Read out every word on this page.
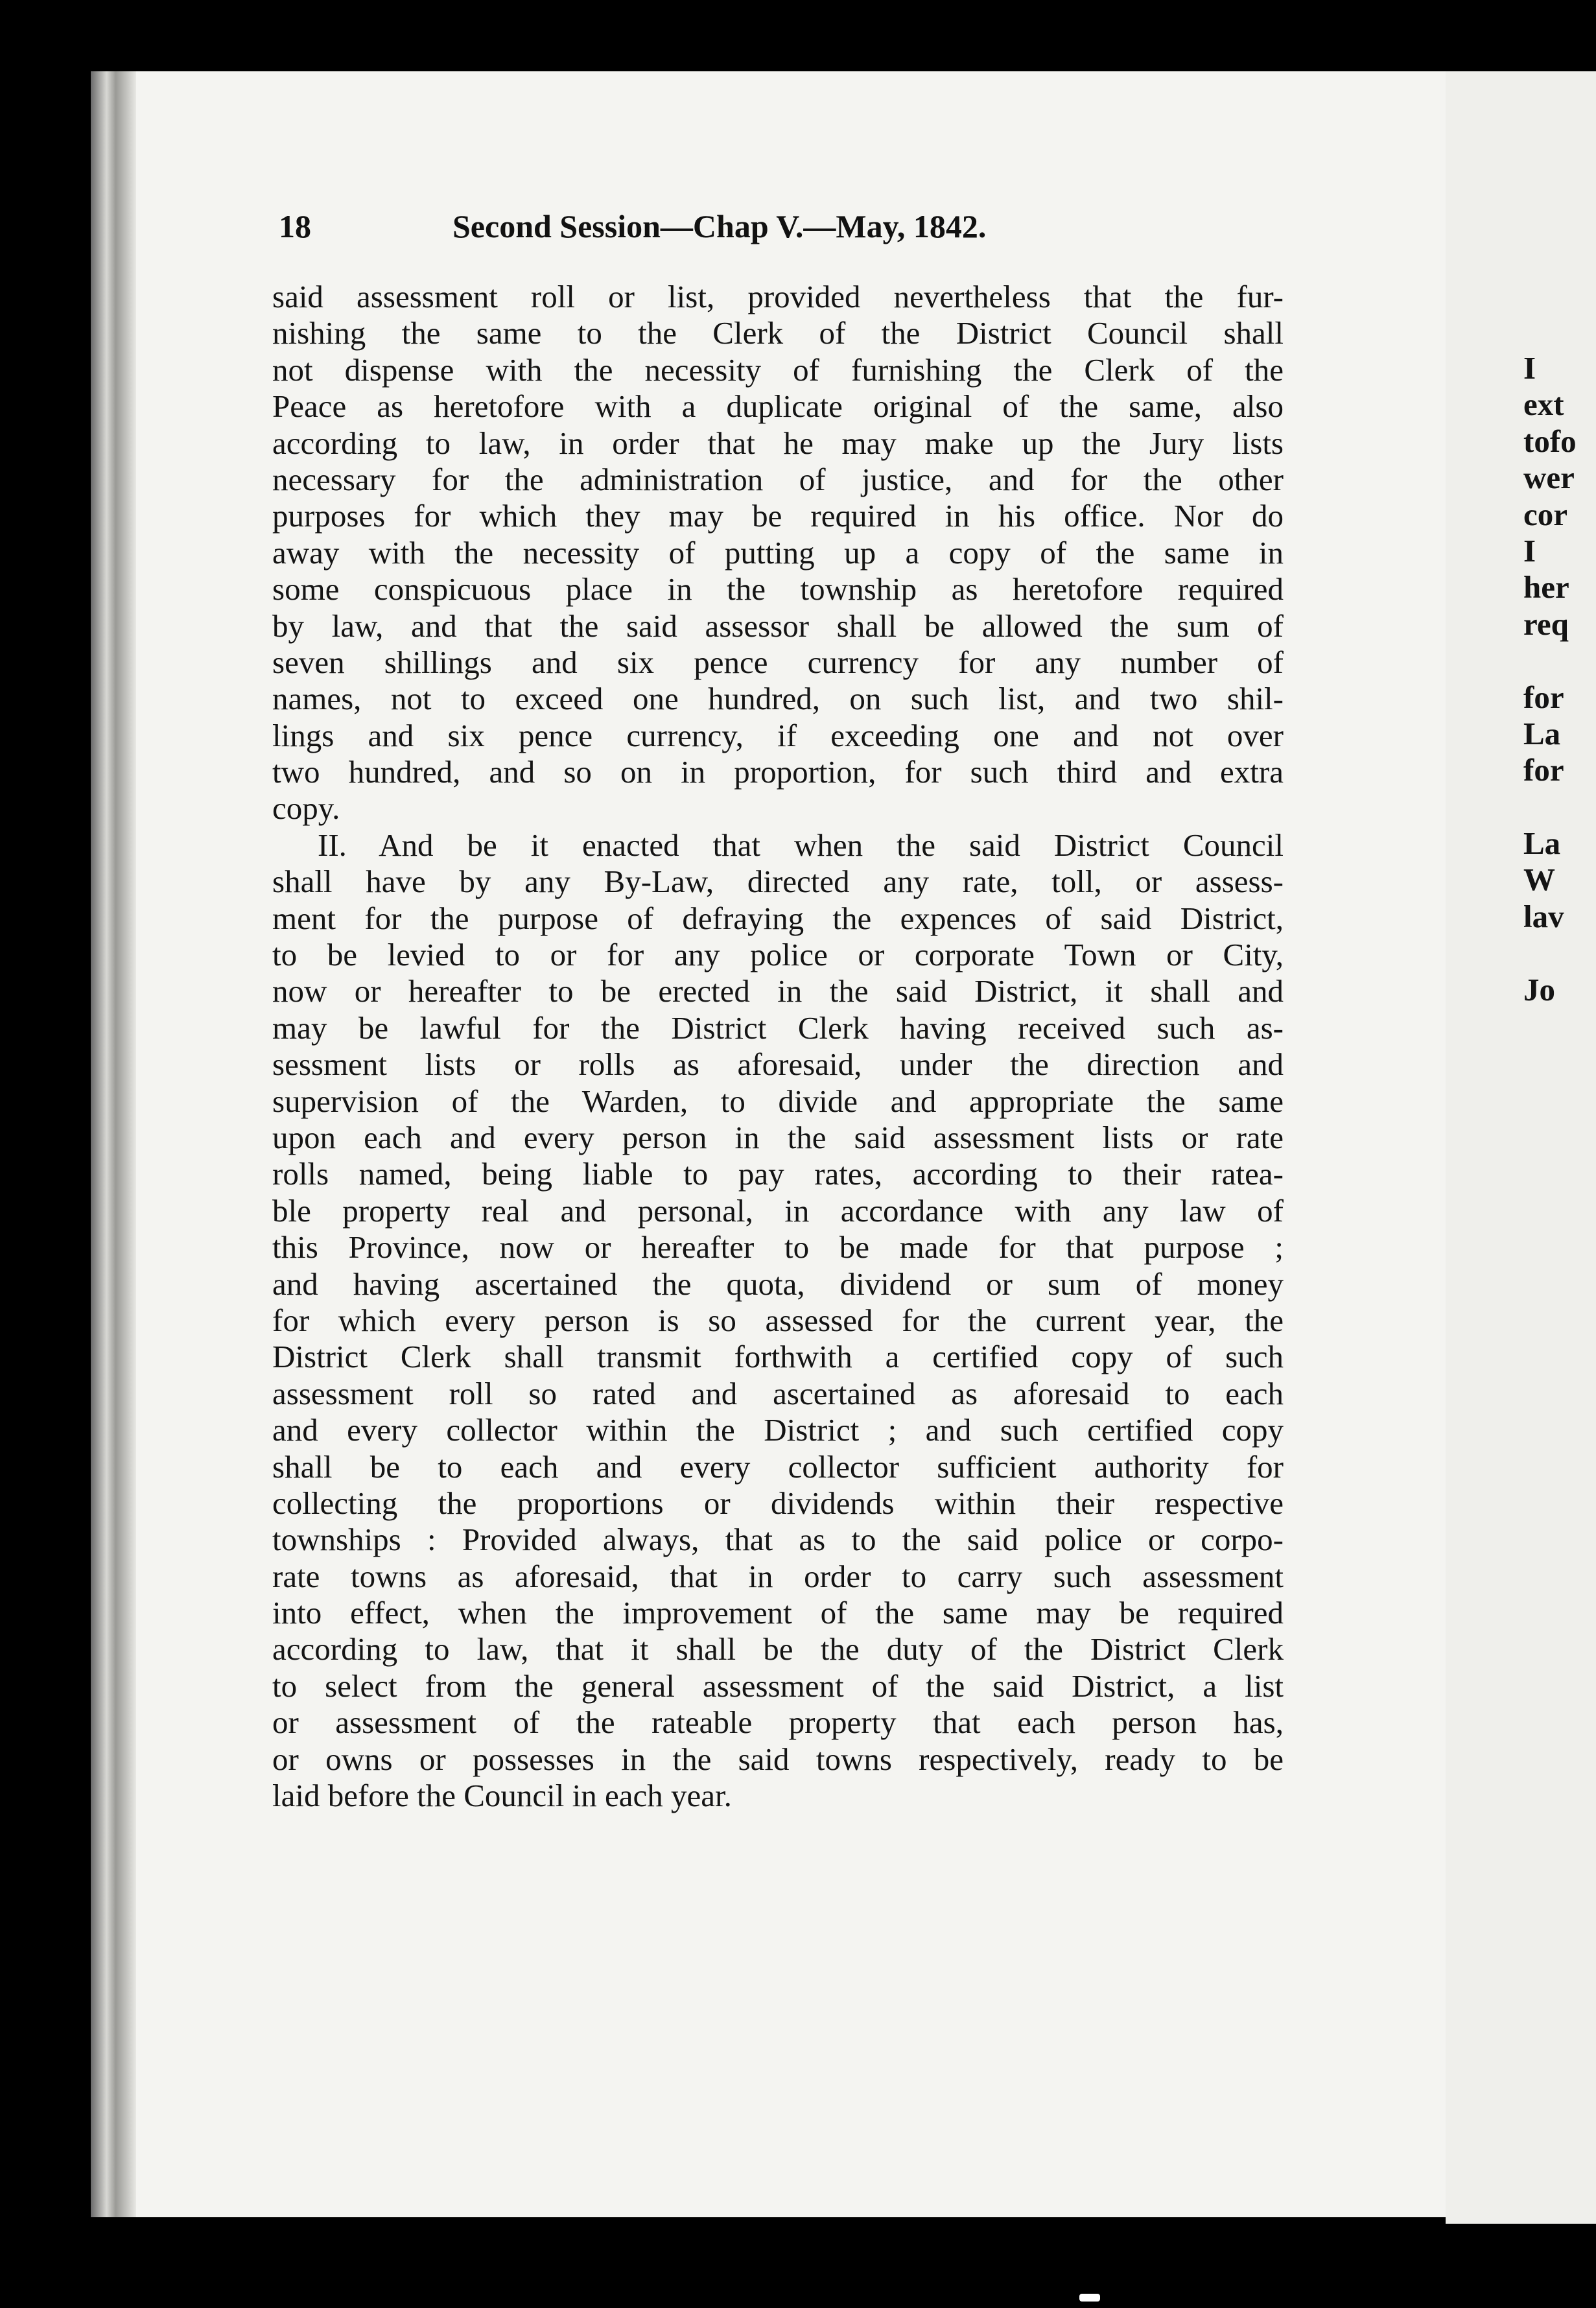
18	Second Session—Chap V.—May, 1842.
said assessment roll or list, provided nevertheless that the fur-
nishing the same to the Clerk of the District Council shall
not dispense with the necessity of furnishing the Clerk of the
Peace as heretofore with a duplicate original of the same, also
according to law, in order that he may make up the Jury lists
necessary for the administration of justice, and for the other
purposes for which they may be required in his office. Nor do
away with the necessity of putting up a copy of the same in
some conspicuous place in the township as heretofore required
by law, and that the said assessor shall be allowed the sum of
seven shillings and six pence currency for any number of
names, not to exceed one hundred, on such list, and two shil-
lings and six pence currency, if exceeding one and not over
two hundred, and so on in proportion, for such third and extra
copy.
II. And be it enacted that when the said District Council
shall have by any By-Law, directed any rate, toll, or assess-
ment for the purpose of defraying the expences of said District,
to be levied to or for any police or corporate Town or City,
now or hereafter to be erected in the said District, it shall and
may be lawful for the District Clerk having received such as-
sessment lists or rolls as aforesaid, under the direction and
supervision of the Warden, to divide and appropriate the same
upon each and every person in the said assessment lists or rate
rolls named, being liable to pay rates, according to their ratea-
ble property real and personal, in accordance with any law of
this Province, now or hereafter to be made for that purpose ;
and having ascertained the quota, dividend or sum of money
for which every person is so assessed for the current year, the
District Clerk shall transmit forthwith a certified copy of such
assessment roll so rated and ascertained as aforesaid to each
and every collector within the District ; and such certified copy
shall be to each and every collector sufficient authority for
collecting the proportions or dividends within their respective
townships : Provided always, that as to the said police or corpo-
rate towns as aforesaid, that in order to carry such assessment
into effect, when the improvement of the same may be required
according to law, that it shall be the duty of the District Clerk
to select from the general assessment of the said District, a list
or assessment of the rateable property that each person has,
or owns or possesses in the said towns respectively, ready to be
laid before the Council in each year.
I
ext
tofo
wer
cor
I
her
req
for
La
for
La
W
lav
Jo
